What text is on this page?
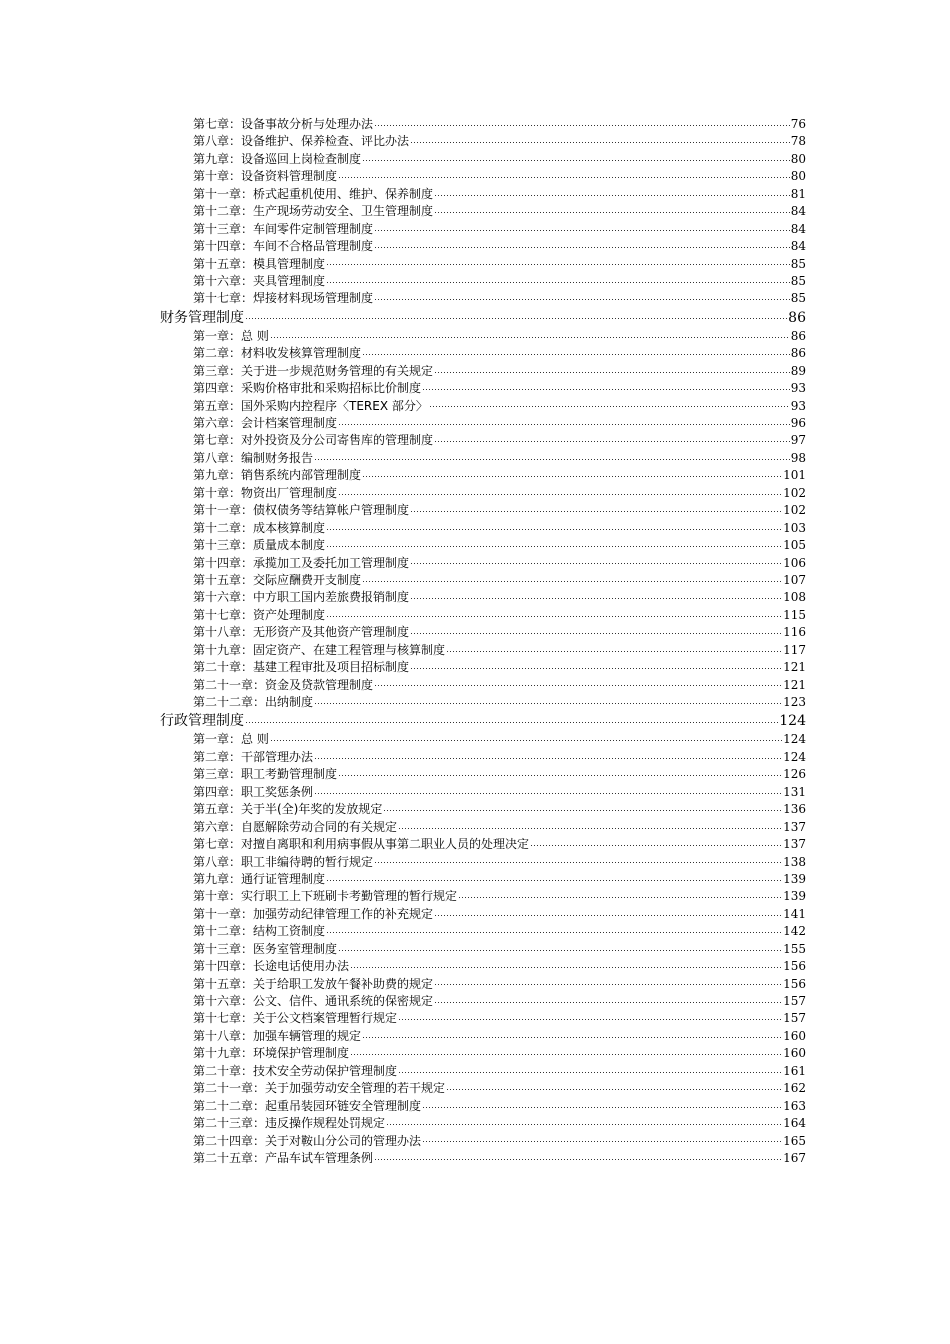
第七章：设备事故分析与处理办法	76
第八章：设备维护、保养检查、评比办法	78
第九章：设备巡回上岗检查制度	80
第十章：设备资料管理制度	80
第十一章：桥式起重机使用、维护、保养制度	81
第十二章：生产现场劳动安全、卫生管理制度	84
第十三章：车间零件定制管理制度	84
第十四章：车间不合格品管理制度	84
第十五章：模具管理制度	85
第十六章：夹具管理制度	85
第十七章：焊接材料现场管理制度	85
财务管理制度	86
第一章：总 则	86
第二章：材料收发核算管理制度	86
第三章：关于进一步规范财务管理的有关规定	89
第四章：采购价格审批和采购招标比价制度	93
第五章：国外采购内控程序〈TEREX 部分〉	93
第六章：会计档案管理制度	96
第七章：对外投资及分公司寄售库的管理制度	97
第八章：编制财务报告	98
第九章：销售系统内部管理制度	101
第十章：物资出厂管理制度	102
第十一章：债权债务等结算帐户管理制度	102
第十二章：成本核算制度	103
第十三章：质量成本制度	105
第十四章：承揽加工及委托加工管理制度	106
第十五章：交际应酬费开支制度	107
第十六章：中方职工国内差旅费报销制度	108
第十七章：资产处理制度	115
第十八章：无形资产及其他资产管理制度	116
第十九章：固定资产、在建工程管理与核算制度	117
第二十章：基建工程审批及项目招标制度	121
第二十一章：资金及贷款管理制度	121
第二十二章：出纳制度	123
行政管理制度	124
第一章：总 则	124
第二章：干部管理办法	124
第三章：职工考勤管理制度	126
第四章：职工奖惩条例	131
第五章：关于半(全)年奖的发放规定	136
第六章：自愿解除劳动合同的有关规定	137
第七章：对擅自离职和利用病事假从事第二职业人员的处理决定	137
第八章：职工非编待聘的暂行规定	138
第九章：通行证管理制度	139
第十章：实行职工上下班刷卡考勤管理的暂行规定	139
第十一章：加强劳动纪律管理工作的补充规定	141
第十二章：结构工资制度	142
第十三章：医务室管理制度	155
第十四章：长途电话使用办法	156
第十五章：关于给职工发放午餐补助费的规定	156
第十六章：公文、信件、通讯系统的保密规定	157
第十七章：关于公文档案管理暂行规定	157
第十八章：加强车辆管理的规定	160
第十九章：环境保护管理制度	160
第二十章：技术安全劳动保护管理制度	161
第二十一章：关于加强劳动安全管理的若干规定	162
第二十二章：起重吊装园环链安全管理制度	163
第二十三章：违反操作规程处罚规定	164
第二十四章：关于对鞍山分公司的管理办法	165
第二十五章：产品车试车管理条例	167
